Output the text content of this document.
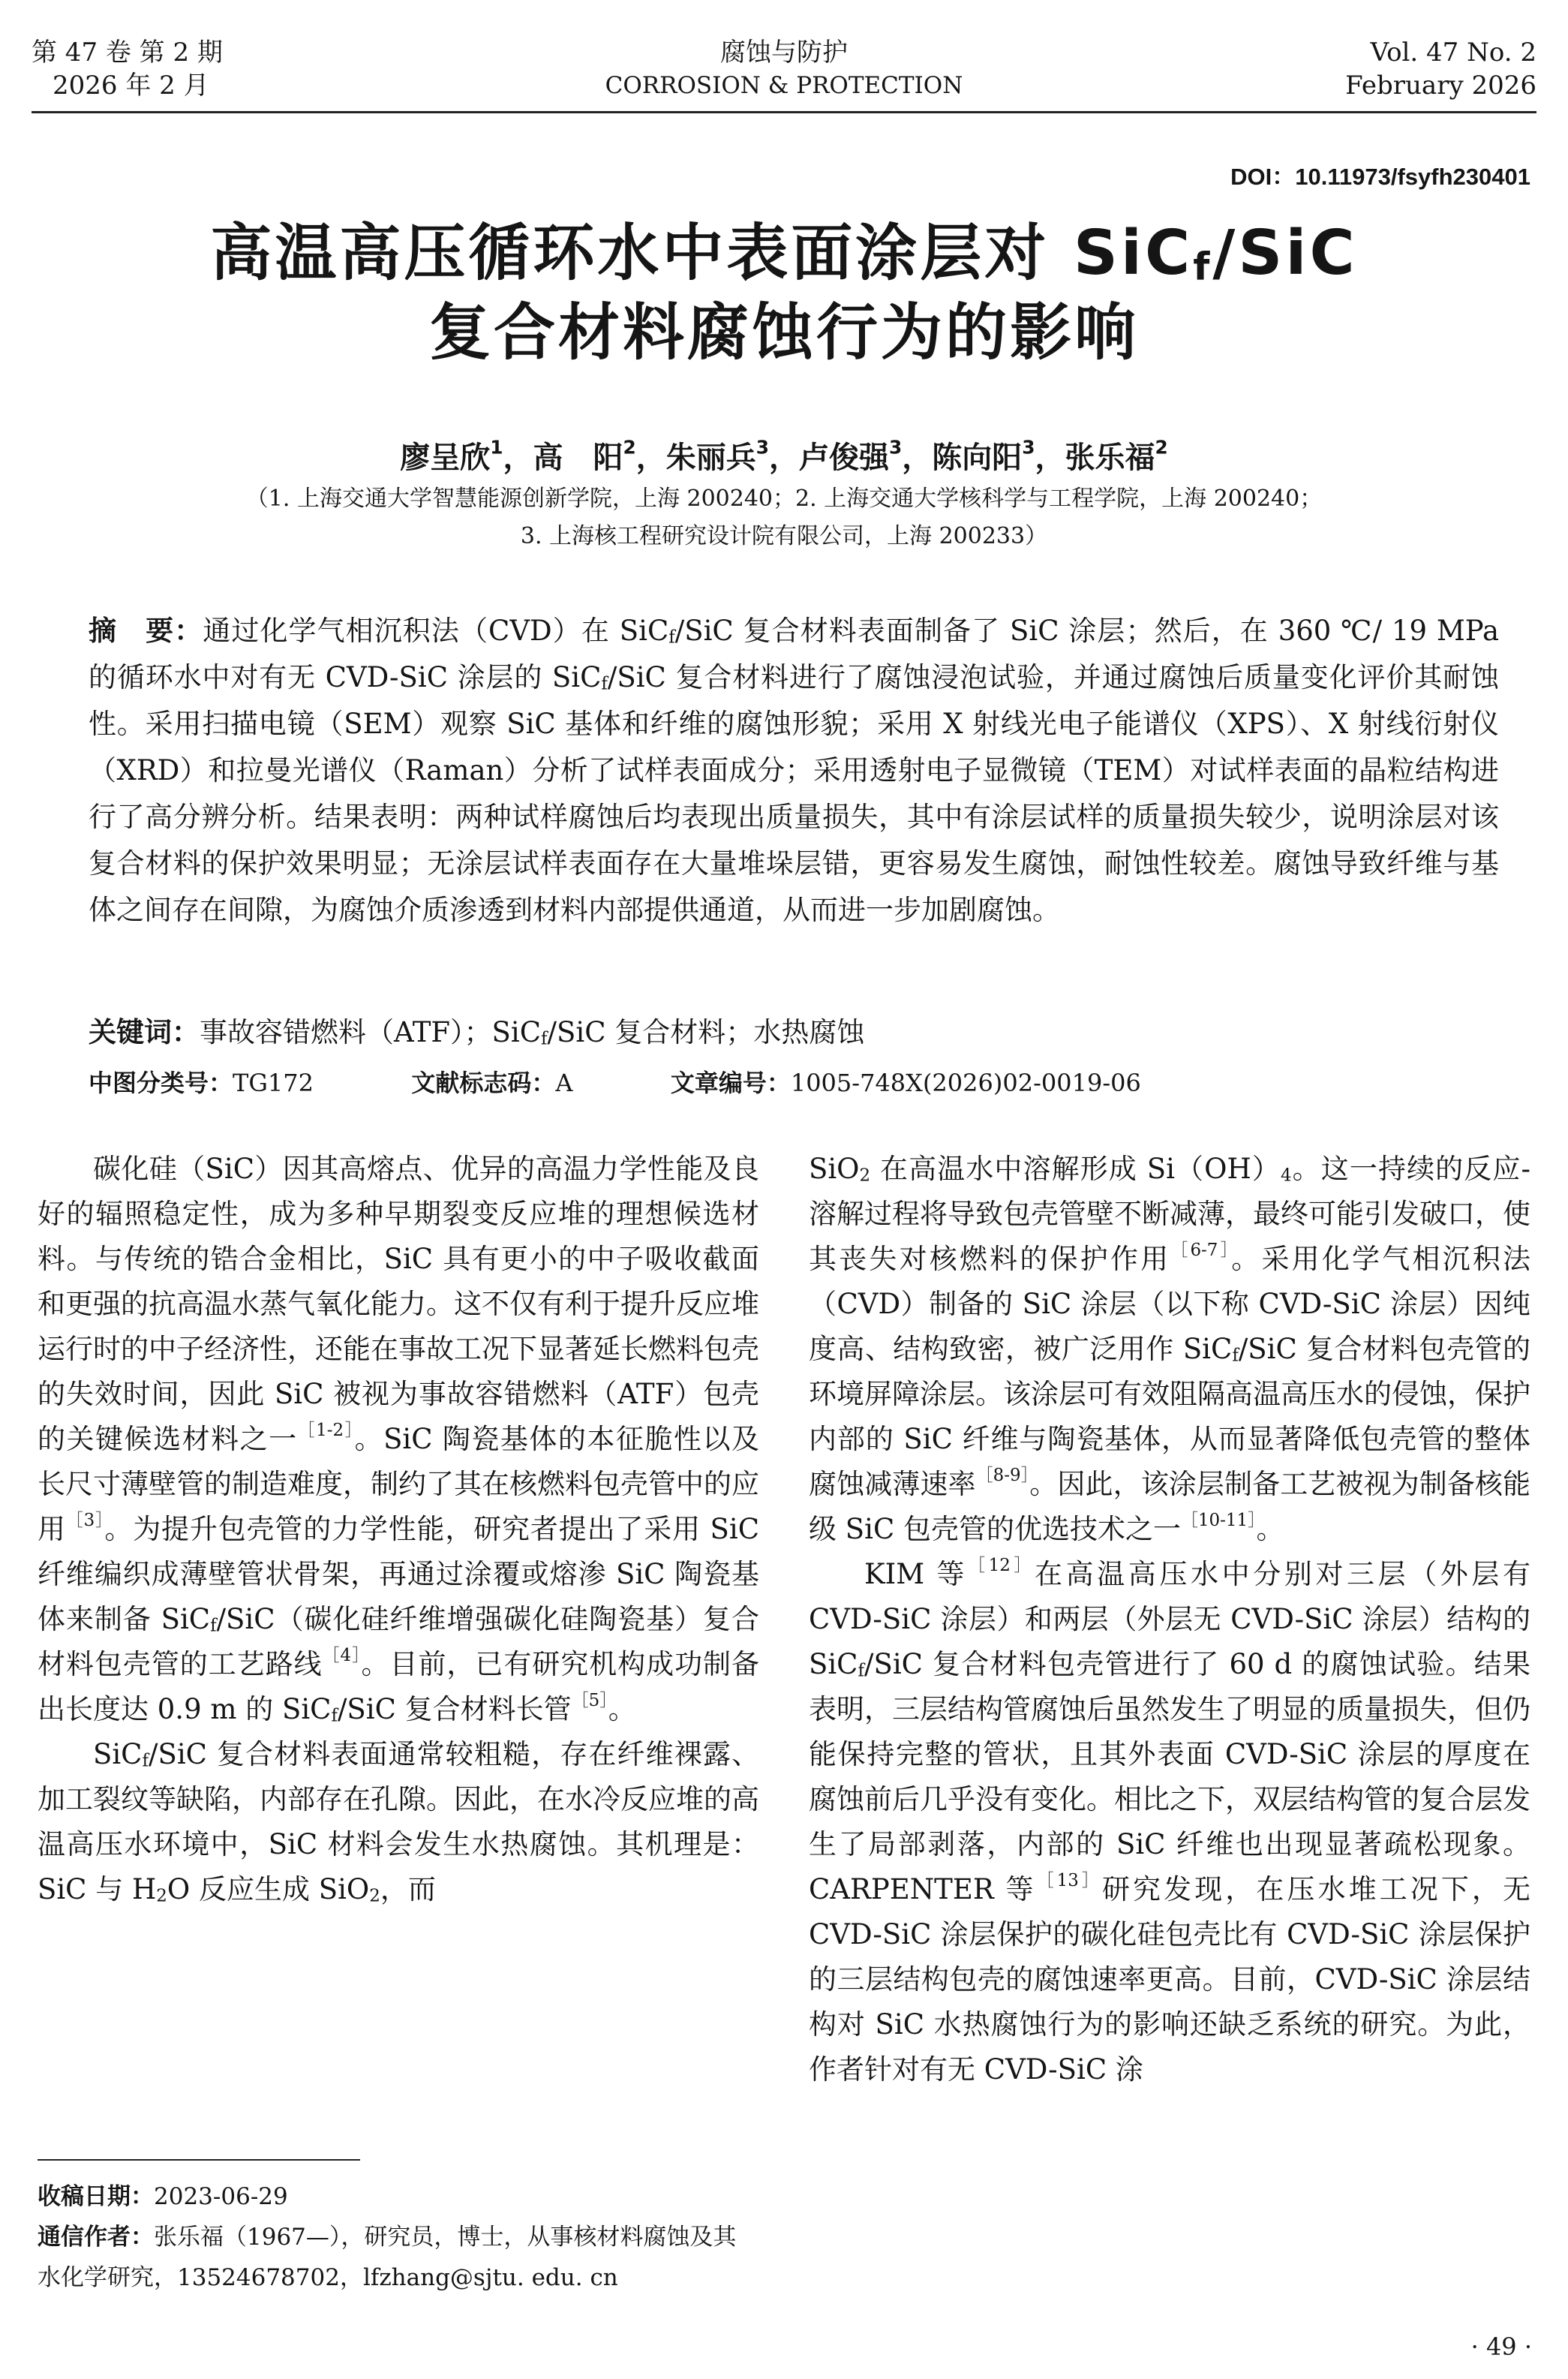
第 47 卷 第 2 期
2026 年 2 月
腐蚀与防护
CORROSION & PROTECTION
Vol. 47 No. 2
February 2026
DOI：10.11973/fsyfh230401
高温高压循环水中表面涂层对 SiC$_f$/SiC
复合材料腐蚀行为的影响
廖呈欣$^1$，高　阳$^2$，朱丽兵$^3$，卢俊强$^3$，陈向阳$^3$，张乐福$^2$
（1. 上海交通大学智慧能源创新学院，上海 200240；2. 上海交通大学核科学与工程学院，上海 200240；
3. 上海核工程研究设计院有限公司，上海 200233）
摘　要：通过化学气相沉积法（CVD）在 SiC$_f$/SiC 复合材料表面制备了 SiC 涂层；然后，在 360 ℃/ 19 MPa 的循环水中对有无 CVD-SiC 涂层的 SiC$_f$/SiC 复合材料进行了腐蚀浸泡试验，并通过腐蚀后质量变化评价其耐蚀性。采用扫描电镜（SEM）观察 SiC 基体和纤维的腐蚀形貌；采用 X 射线光电子能谱仪（XPS）、X 射线衍射仪（XRD）和拉曼光谱仪（Raman）分析了试样表面成分；采用透射电子显微镜（TEM）对试样表面的晶粒结构进行了高分辨分析。结果表明：两种试样腐蚀后均表现出质量损失，其中有涂层试样的质量损失较少，说明涂层对该复合材料的保护效果明显；无涂层试样表面存在大量堆垛层错，更容易发生腐蚀，耐蚀性较差。腐蚀导致纤维与基体之间存在间隙，为腐蚀介质渗透到材料内部提供通道，从而进一步加剧腐蚀。
关键词：事故容错燃料（ATF）；SiC$_f$/SiC 复合材料；水热腐蚀
中图分类号：TG172	文献标志码：A	文章编号：1005-748X(2026)02-0019-06

碳化硅（SiC）因其高熔点、优异的高温力学性能及良好的辐照稳定性，成为多种早期裂变反应堆的理想候选材料。与传统的锆合金相比，SiC 具有更小的中子吸收截面和更强的抗高温水蒸气氧化能力。这不仅有利于提升反应堆运行时的中子经济性，还能在事故工况下显著延长燃料包壳的失效时间，因此 SiC 被视为事故容错燃料（ATF）包壳的关键候选材料之一$^{[1-2]}$。SiC 陶瓷基体的本征脆性以及长尺寸薄壁管的制造难度，制约了其在核燃料包壳管中的应用$^{[3]}$。为提升包壳管的力学性能，研究者提出了采用 SiC 纤维编织成薄壁管状骨架，再通过涂覆或熔渗 SiC 陶瓷基体来制备 SiC$_f$/SiC（碳化硅纤维增强碳化硅陶瓷基）复合材料包壳管的工艺路线$^{[4]}$。目前，已有研究机构成功制备出长度达 0.9 m 的 SiC$_f$/SiC 复合材料长管$^{[5]}$。

SiC$_f$/SiC 复合材料表面通常较粗糙，存在纤维裸露、加工裂纹等缺陷，内部存在孔隙。因此，在水冷反应堆的高温高压水环境中，SiC 材料会发生水热腐蚀。其机理是：SiC 与 $H_2O$ 反应生成 SiO$_2$，而

收稿日期：2023-06-29
通信作者：张乐福（1967—），研究员，博士，从事核材料腐蚀及其水化学研究，13524678702，lfzhang@sjtu. edu. cn

SiO$_2$ 在高温水中溶解形成 $Si(OH)_4$。这一持续的反应-溶解过程将导致包壳管壁不断减薄，最终可能引发破口，使其丧失对核燃料的保护作用$^{[6-7]}$。采用化学气相沉积法（CVD）制备的 SiC 涂层（以下称 CVD-SiC 涂层）因纯度高、结构致密，被广泛用作 SiC$_f$/SiC 复合材料包壳管的环境屏障涂层。该涂层可有效阻隔高温高压水的侵蚀，保护内部的 SiC 纤维与陶瓷基体，从而显著降低包壳管的整体腐蚀减薄速率$^{[8-9]}$。因此，该涂层制备工艺被视为制备核能级 SiC 包壳管的优选技术之一$^{[10-11]}$。

KIM 等$^{[12]}$在高温高压水中分别对三层（外层有 CVD-SiC 涂层）和两层（外层无 CVD-SiC 涂层）结构的 SiC$_f$/SiC 复合材料包壳管进行了 60 d 的腐蚀试验。结果表明，三层结构管腐蚀后虽然发生了明显的质量损失，但仍能保持完整的管状，且其外表面 CVD-SiC 涂层的厚度在腐蚀前后几乎没有变化。相比之下，双层结构管的复合层发生了局部剥落，内部的 SiC 纤维也出现显著疏松现象。CARPENTER 等$^{[13]}$研究发现，在压水堆工况下，无 CVD-SiC 涂层保护的碳化硅包壳比有 CVD-SiC 涂层保护的三层结构包壳的腐蚀速率更高。目前，CVD-SiC 涂层结构对 SiC 水热腐蚀行为的影响还缺乏系统的研究。为此，作者针对有无 CVD-SiC 涂

· 49 ·
